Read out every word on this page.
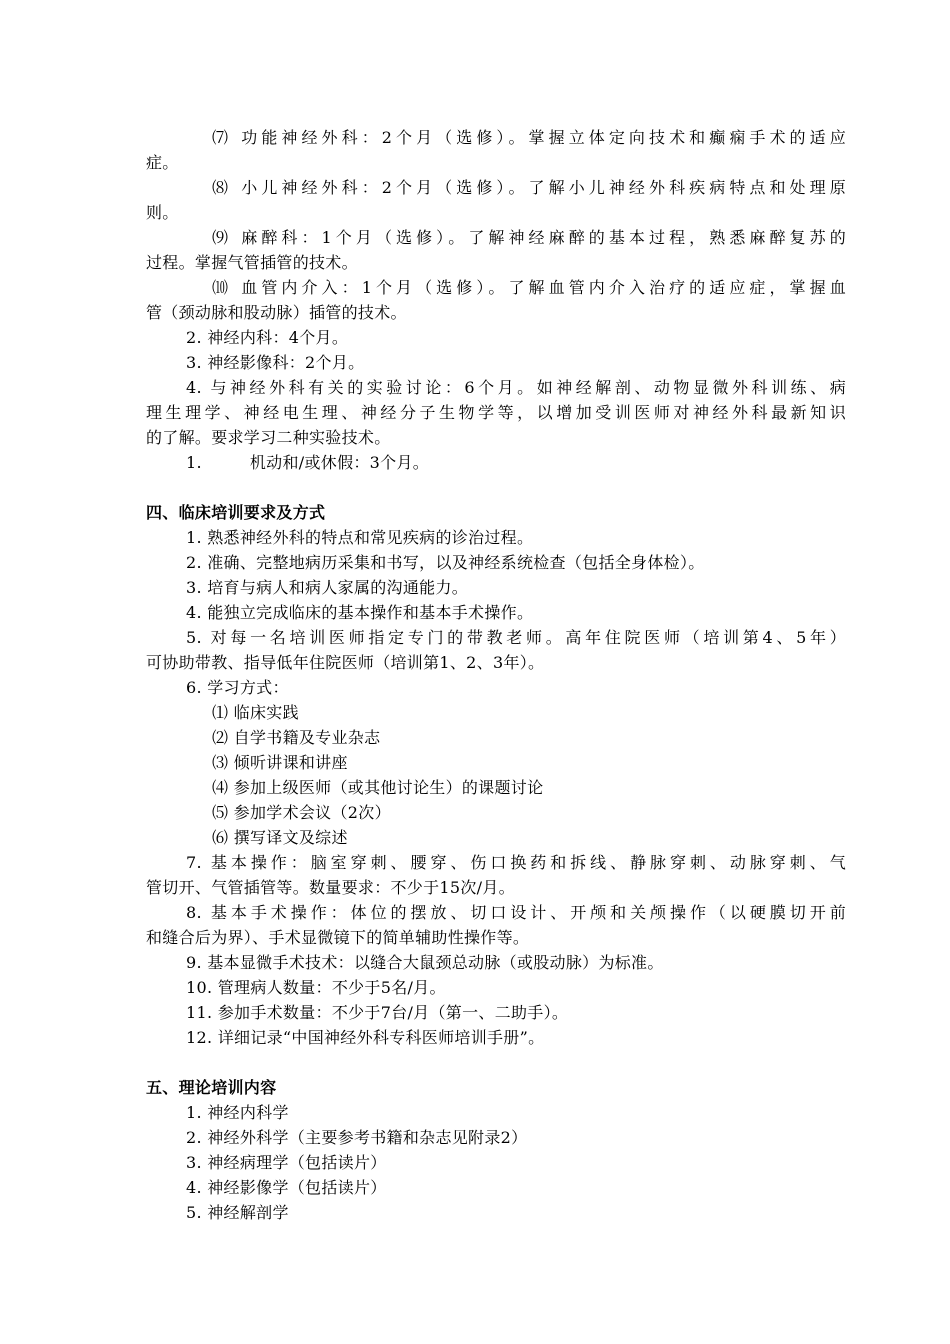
⑺ 功能神经外科：2个月（选修）。掌握立体定向技术和癫痫手术的适应
症。
⑻ 小儿神经外科：2个月（选修）。了解小儿神经外科疾病特点和处理原
则。
⑼ 麻醉科：1个月（选修）。了解神经麻醉的基本过程，熟悉麻醉复苏的
过程。掌握气管插管的技术。
⑽ 血管内介入：1个月（选修）。了解血管内介入治疗的适应症，掌握血
管（颈动脉和股动脉）插管的技术。
2. 神经内科：4个月。
3. 神经影像科：2个月。
4. 与神经外科有关的实验讨论：6个月。如神经解剖、动物显微外科训练、病
理生理学、神经电生理、神经分子生物学等，以增加受训医师对神经外科最新知识
的了解。要求学习二种实验技术。
1.	机动和/或休假：3个月。
四、临床培训要求及方式
1. 熟悉神经外科的特点和常见疾病的诊治过程。
2. 准确、完整地病历采集和书写，以及神经系统检查（包括全身体检）。
3. 培育与病人和病人家属的沟通能力。
4. 能独立完成临床的基本操作和基本手术操作。
5. 对每一名培训医师指定专门的带教老师。高年住院医师（培训第4、5年）
可协助带教、指导低年住院医师（培训第1、2、3年）。
6. 学习方式：
⑴ 临床实践
⑵ 自学书籍及专业杂志
⑶ 倾听讲课和讲座
⑷ 参加上级医师（或其他讨论生）的课题讨论
⑸ 参加学术会议（2次）
⑹ 撰写译文及综述
7. 基本操作：脑室穿刺、腰穿、伤口换药和拆线、静脉穿刺、动脉穿刺、气
管切开、气管插管等。数量要求：不少于15次/月。
8. 基本手术操作：体位的摆放、切口设计、开颅和关颅操作（以硬膜切开前
和缝合后为界）、手术显微镜下的简单辅助性操作等。
9. 基本显微手术技术：以缝合大鼠颈总动脉（或股动脉）为标准。
10. 管理病人数量：不少于5名/月。
11. 参加手术数量：不少于7台/月（第一、二助手）。
12. 详细记录“中国神经外科专科医师培训手册”。
五、理论培训内容
1. 神经内科学
2. 神经外科学（主要参考书籍和杂志见附录2）
3. 神经病理学（包括读片）
4. 神经影像学（包括读片）
5. 神经解剖学
